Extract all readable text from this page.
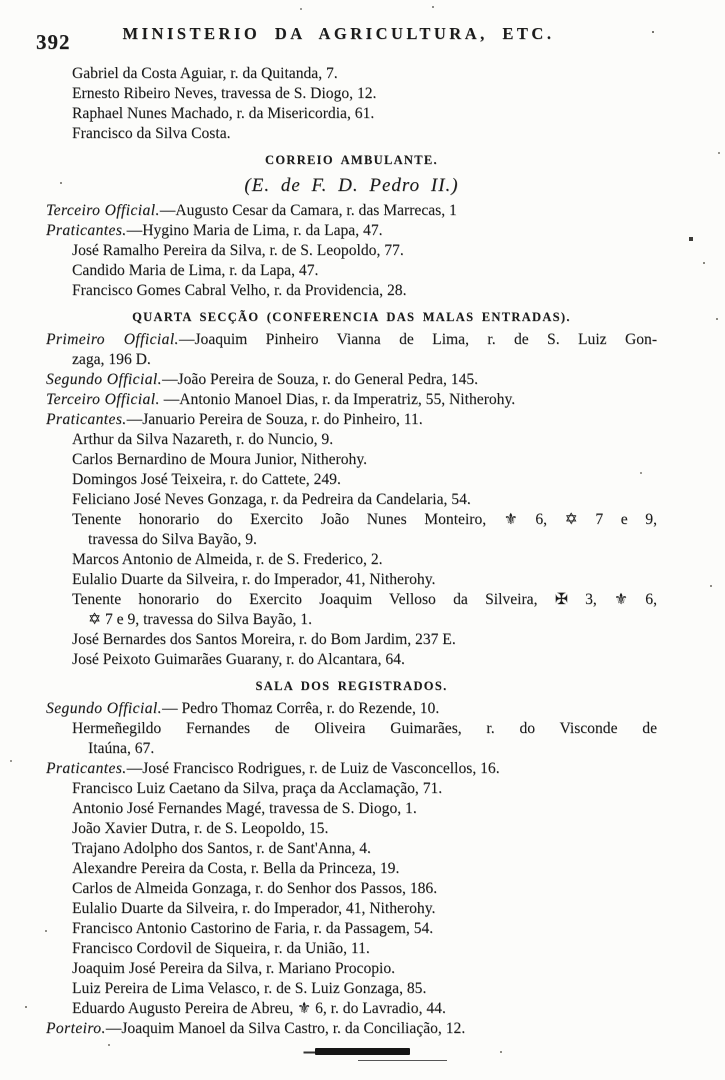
392	MINISTERIO DA AGRICULTURA, ETC.
Gabriel da Costa Aguiar, r. da Quitanda, 7.
Ernesto Ribeiro Neves, travessa de S. Diogo, 12.
Raphael Nunes Machado, r. da Misericordia, 61.
Francisco da Silva Costa.
CORREIO AMBULANTE.
(E. de F. D. Pedro II.)
Terceiro Official.—Augusto Cesar da Camara, r. das Marrecas, 1
Praticantes.—Hygino Maria de Lima, r. da Lapa, 47.
José Ramalho Pereira da Silva, r. de S. Leopoldo, 77.
Candido Maria de Lima, r. da Lapa, 47.
Francisco Gomes Cabral Velho, r. da Providencia, 28.
QUARTA SECÇÃO (CONFERENCIA DAS MALAS ENTRADAS).
Primeiro Official.—Joaquim Pinheiro Vianna de Lima, r. de S. Luiz Gon-
zaga, 196 D.
Segundo Official.—João Pereira de Souza, r. do General Pedra, 145.
Terceiro Official. —Antonio Manoel Dias, r. da Imperatriz, 55, Nitherohy.
Praticantes.—Januario Pereira de Souza, r. do Pinheiro, 11.
Arthur da Silva Nazareth, r. do Nuncio, 9.
Carlos Bernardino de Moura Junior, Nitherohy.
Domingos José Teixeira, r. do Cattete, 249.
Feliciano José Neves Gonzaga, r. da Pedreira da Candelaria, 54.
Tenente honorario do Exercito João Nunes Monteiro, ⚜ 6, ✡ 7 e 9,
travessa do Silva Bayão, 9.
Marcos Antonio de Almeida, r. de S. Frederico, 2.
Eulalio Duarte da Silveira, r. do Imperador, 41, Nitherohy.
Tenente honorario do Exercito Joaquim Velloso da Silveira, ✠ 3, ⚜ 6,
✡ 7 e 9, travessa do Silva Bayão, 1.
José Bernardes dos Santos Moreira, r. do Bom Jardim, 237 E.
José Peixoto Guimarães Guarany, r. do Alcantara, 64.
SALA DOS REGISTRADOS.
Segundo Official.— Pedro Thomaz Corrêa, r. do Rezende, 10.
Hermeñegildo Fernandes de Oliveira Guimarães, r. do Visconde de
Itaúna, 67.
Praticantes.—José Francisco Rodrigues, r. de Luiz de Vasconcellos, 16.
Francisco Luiz Caetano da Silva, praça da Acclamação, 71.
Antonio José Fernandes Magé, travessa de S. Diogo, 1.
João Xavier Dutra, r. de S. Leopoldo, 15.
Trajano Adolpho dos Santos, r. de Sant'Anna, 4.
Alexandre Pereira da Costa, r. Bella da Princeza, 19.
Carlos de Almeida Gonzaga, r. do Senhor dos Passos, 186.
Eulalio Duarte da Silveira, r. do Imperador, 41, Nitherohy.
Francisco Antonio Castorino de Faria, r. da Passagem, 54.
Francisco Cordovil de Siqueira, r. da União, 11.
Joaquim José Pereira da Silva, r. Mariano Procopio.
Luiz Pereira de Lima Velasco, r. de S. Luiz Gonzaga, 85.
Eduardo Augusto Pereira de Abreu, ⚜ 6, r. do Lavradio, 44.
Porteiro.—Joaquim Manoel da Silva Castro, r. da Conciliação, 12.
